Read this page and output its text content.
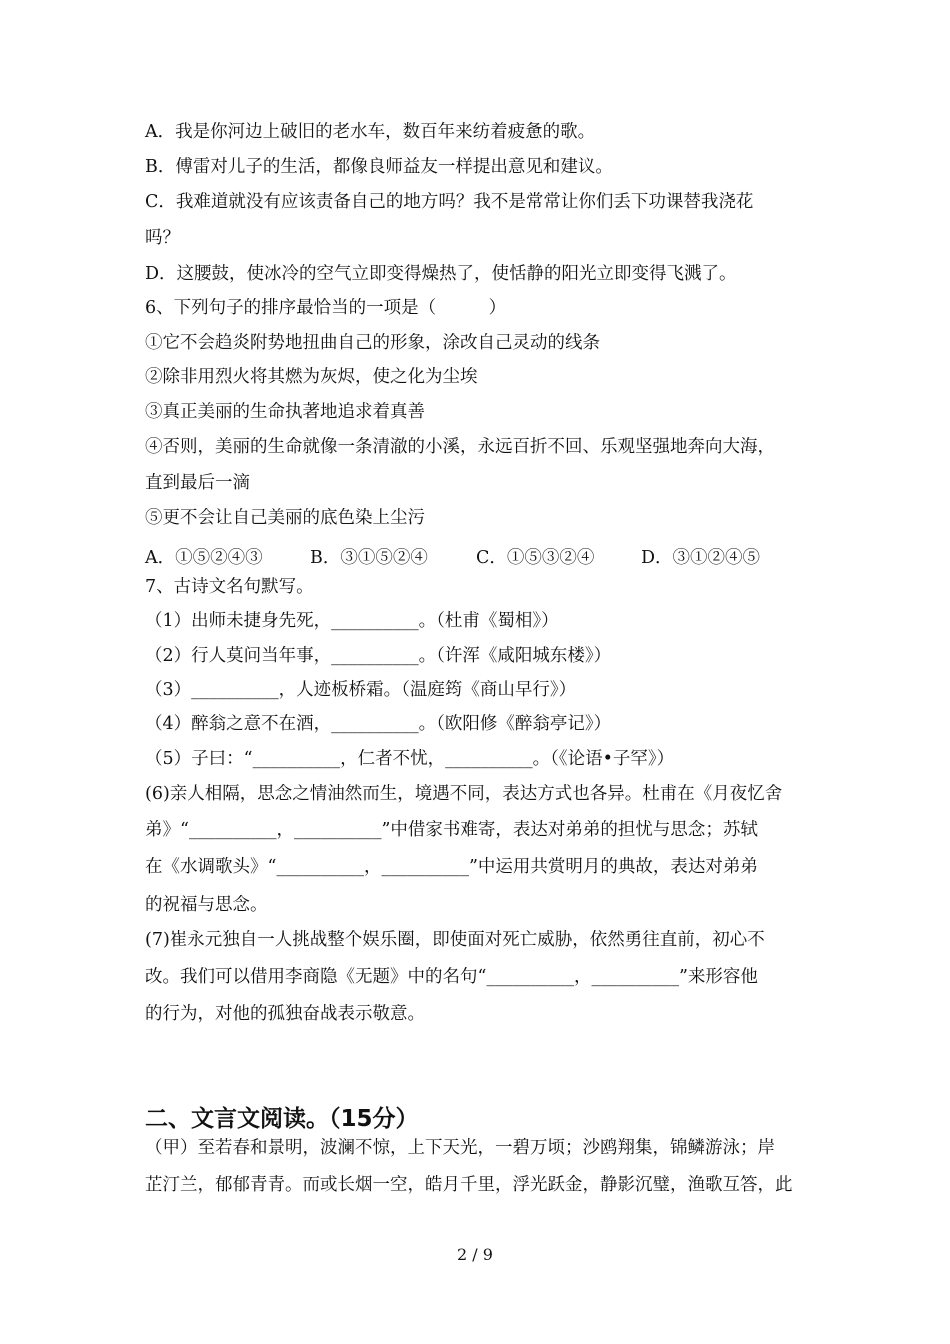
A．我是你河边上破旧的老水车，数百年来纺着疲惫的歌。
B．傅雷对儿子的生活，都像良师益友一样提出意见和建议。
C．我难道就没有应该责备自己的地方吗？我不是常常让你们丢下功课替我浇花
吗？
D．这腰鼓，使冰冷的空气立即变得燥热了，使恬静的阳光立即变得飞溅了。
6、下列句子的排序最恰当的一项是（　　　）
①它不会趋炎附势地扭曲自己的形象，涂改自己灵动的线条
②除非用烈火将其燃为灰烬，使之化为尘埃
③真正美丽的生命执著地追求着真善
④否则，美丽的生命就像一条清澈的小溪，永远百折不回、乐观坚强地奔向大海，
直到最后一滴
⑤更不会让自己美丽的底色染上尘污
A．①⑤②④③	B．③①⑤②④	C．①⑤③②④	D．③①②④⑤
7、古诗文名句默写。
（1）出师未捷身先死，__________。（杜甫《蜀相》）
（2）行人莫问当年事，__________。（许浑《咸阳城东楼》）
（3）__________，人迹板桥霜。（温庭筠《商山早行》）
（4）醉翁之意不在酒，__________。（欧阳修《醉翁亭记》）
（5）子曰：“__________，仁者不忧，__________。（《论语•子罕》）
(6)亲人相隔，思念之情油然而生，境遇不同，表达方式也各异。杜甫在《月夜忆舍
弟》“__________，__________”中借家书难寄，表达对弟弟的担忧与思念；苏轼
在《水调歌头》“__________，__________”中运用共赏明月的典故，表达对弟弟
的祝福与思念。
(7)崔永元独自一人挑战整个娱乐圈，即使面对死亡威胁，依然勇往直前，初心不
改。我们可以借用李商隐《无题》中的名句“__________，__________”来形容他
的行为，对他的孤独奋战表示敬意。
二、文言文阅读。（15分）
（甲）至若春和景明，波澜不惊，上下天光，一碧万顷；沙鸥翔集，锦鳞游泳；岸
芷汀兰，郁郁青青。而或长烟一空，皓月千里，浮光跃金，静影沉璧，渔歌互答，此
2 / 9
